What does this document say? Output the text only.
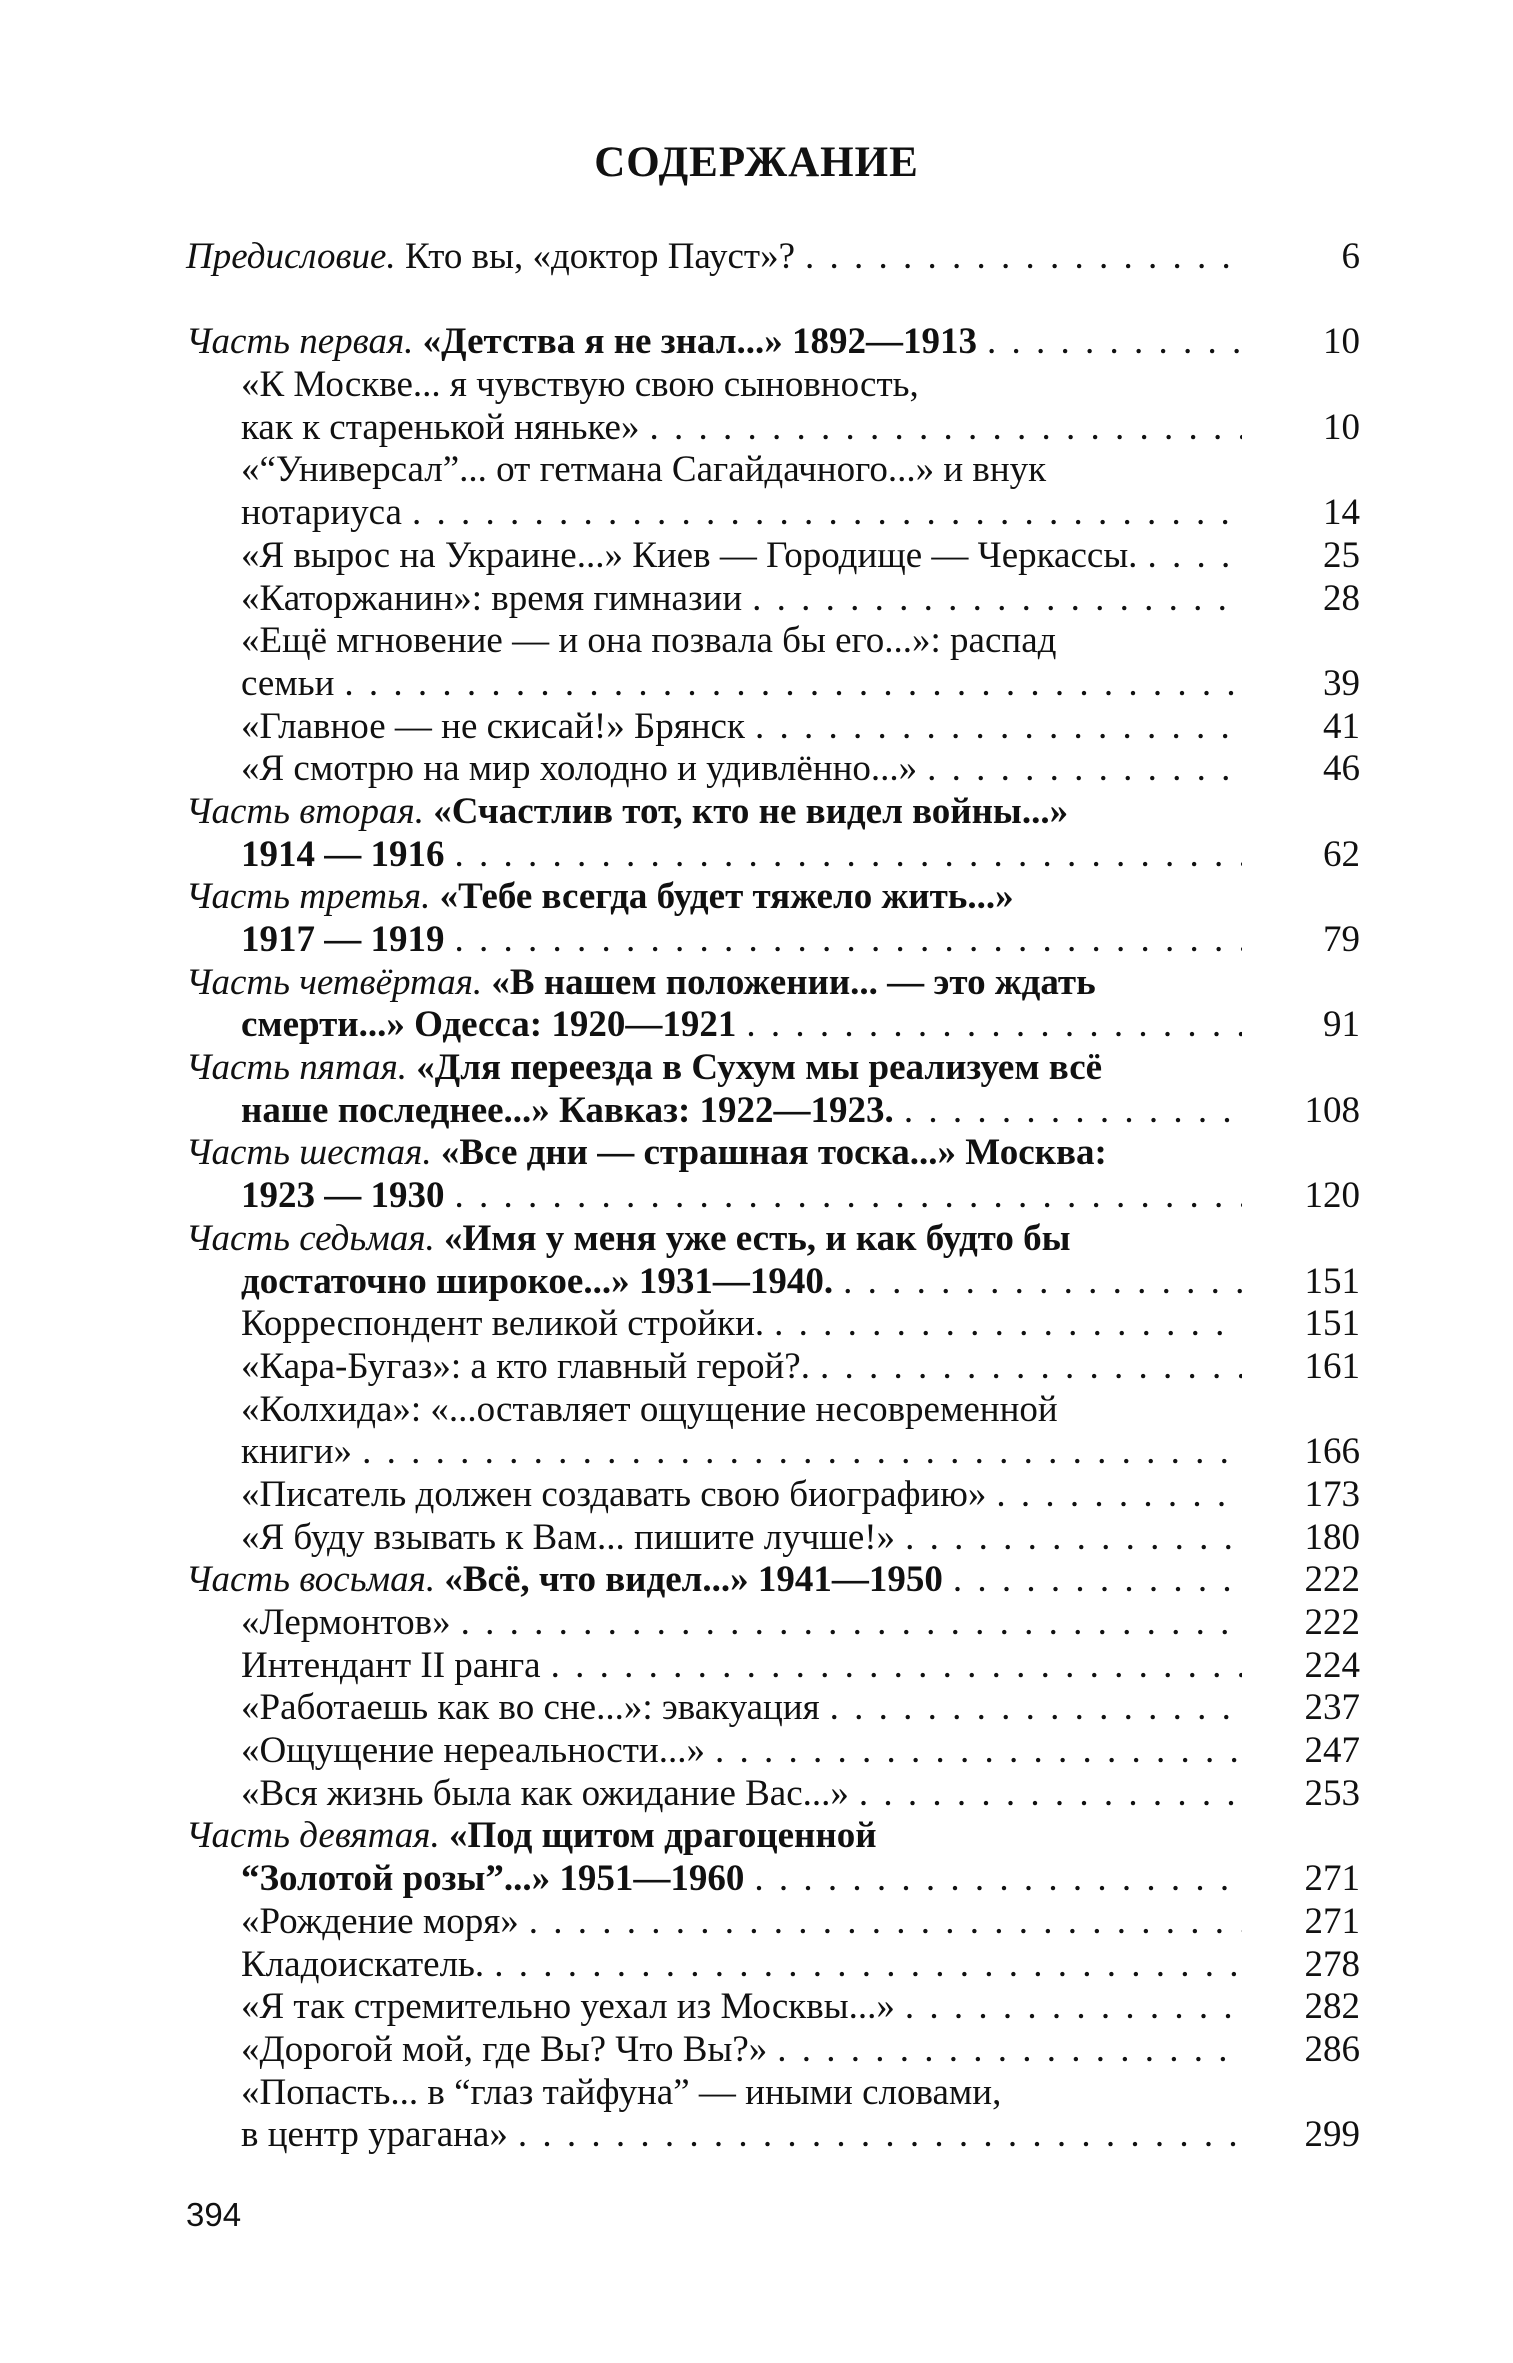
СОДЕРЖАНИЕ
Предисловие. Кто вы, «доктор Пауст»? . . .	6
Часть первая. «Детства я не знал...» 1892—1913 . . .	10
«К Москве... я чувствую свою сыновность,
как к старенькой няньке» . . .	10
«“Универсал”... от гетмана Сагайдачного...» и внук
нотариуса . . .	14
«Я вырос на Украине...» Киев — Городище — Черкассы. . . .	25
«Каторжанин»: время гимназии . . .	28
«Ещё мгновение — и она позвала бы его...»: распад
семьи . . .	39
«Главное — не скисай!» Брянск . . .	41
«Я смотрю на мир холодно и удивлённо...» . . .	46
Часть вторая.
«Счастлив тот, кто не видел войны...»
1914 — 1916 . . .	62
Часть третья.
«Тебе всегда будет тяжело жить...»
1917 — 1919 . . .	79
Часть четвёртая.
«В нашем положении... — это ждать
смерти...» Одесса: 1920—1921 . . .	91
Часть пятая.
«Для переезда в Сухум мы реализуем всё
наше последнее...» Кавказ: 1922—1923. . . .	108
Часть шестая.
«Все дни — страшная тоска...» Москва:
1923 — 1930 . . .	120
Часть седьмая.
«Имя у меня уже есть, и как будто бы
достаточно широкое...» 1931—1940. . . .	151
Корреспондент великой стройки. . . .	151
«Кара-Бугаз»: а кто главный герой?. . . .	161
«Колхида»: «...оставляет ощущение несовременной
книги» . . .	166
«Писатель должен создавать свою биографию» . . .	173
«Я буду взывать к Вам... пишите лучше!» . . .	180
Часть восьмая. «Всё, что видел...» 1941—1950 . . .	222
«Лермонтов» . . .	222
Интендант II ранга . . .	224
«Работаешь как во сне...»: эвакуация . . .	237
«Ощущение нереальности...» . . .	247
«Вся жизнь была как ожидание Вас...» . . .	253
Часть девятая.
«Под щитом драгоценной
“Золотой розы”...» 1951—1960 . . .	271
«Рождение моря» . . .	271
Кладоискатель. . . .	278
«Я так стремительно уехал из Москвы...» . . .	282
«Дорогой мой, где Вы? Что Вы?» . . .	286
«Попасть... в “глаз тайфуна” — иными словами,
в центр урагана» . . .	299
394
